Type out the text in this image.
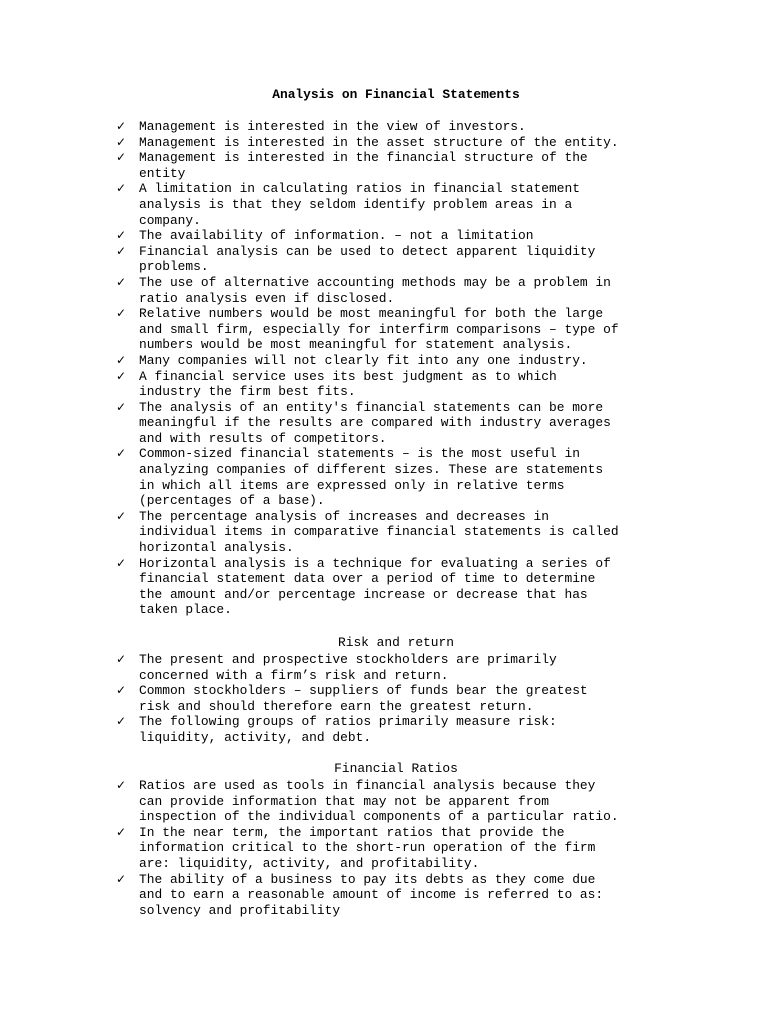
Analysis on Financial Statements
✓	Management is interested in the view of investors.
✓	Management is interested in the asset structure of the entity.
✓	Management is interested in the financial structure of the
entity
✓	A limitation in calculating ratios in financial statement
analysis is that they seldom identify problem areas in a
company.
✓	The availability of information. – not a limitation
✓	Financial analysis can be used to detect apparent liquidity
problems.
✓	The use of alternative accounting methods may be a problem in
ratio analysis even if disclosed.
✓	Relative numbers would be most meaningful for both the large
and small firm, especially for interfirm comparisons – type of
numbers would be most meaningful for statement analysis.
✓	Many companies will not clearly fit into any one industry.
✓	A financial service uses its best judgment as to which
industry the firm best fits.
✓	The analysis of an entity's financial statements can be more
meaningful if the results are compared with industry averages
and with results of competitors.
✓	Common-sized financial statements – is the most useful in
analyzing companies of different sizes. These are statements
in which all items are expressed only in relative terms
(percentages of a base).
✓	The percentage analysis of increases and decreases in
individual items in comparative financial statements is called
horizontal analysis.
✓	Horizontal analysis is a technique for evaluating a series of
financial statement data over a period of time to determine
the amount and/or percentage increase or decrease that has
taken place.
Risk and return
✓	The present and prospective stockholders are primarily
concerned with a firm’s risk and return.
✓	Common stockholders – suppliers of funds bear the greatest
risk and should therefore earn the greatest return.
✓	The following groups of ratios primarily measure risk:
liquidity, activity, and debt.
Financial Ratios
✓	Ratios are used as tools in financial analysis because they
can provide information that may not be apparent from
inspection of the individual components of a particular ratio.
✓	In the near term, the important ratios that provide the
information critical to the short-run operation of the firm
are: liquidity, activity, and profitability.
✓	The ability of a business to pay its debts as they come due
and to earn a reasonable amount of income is referred to as:
solvency and profitability
